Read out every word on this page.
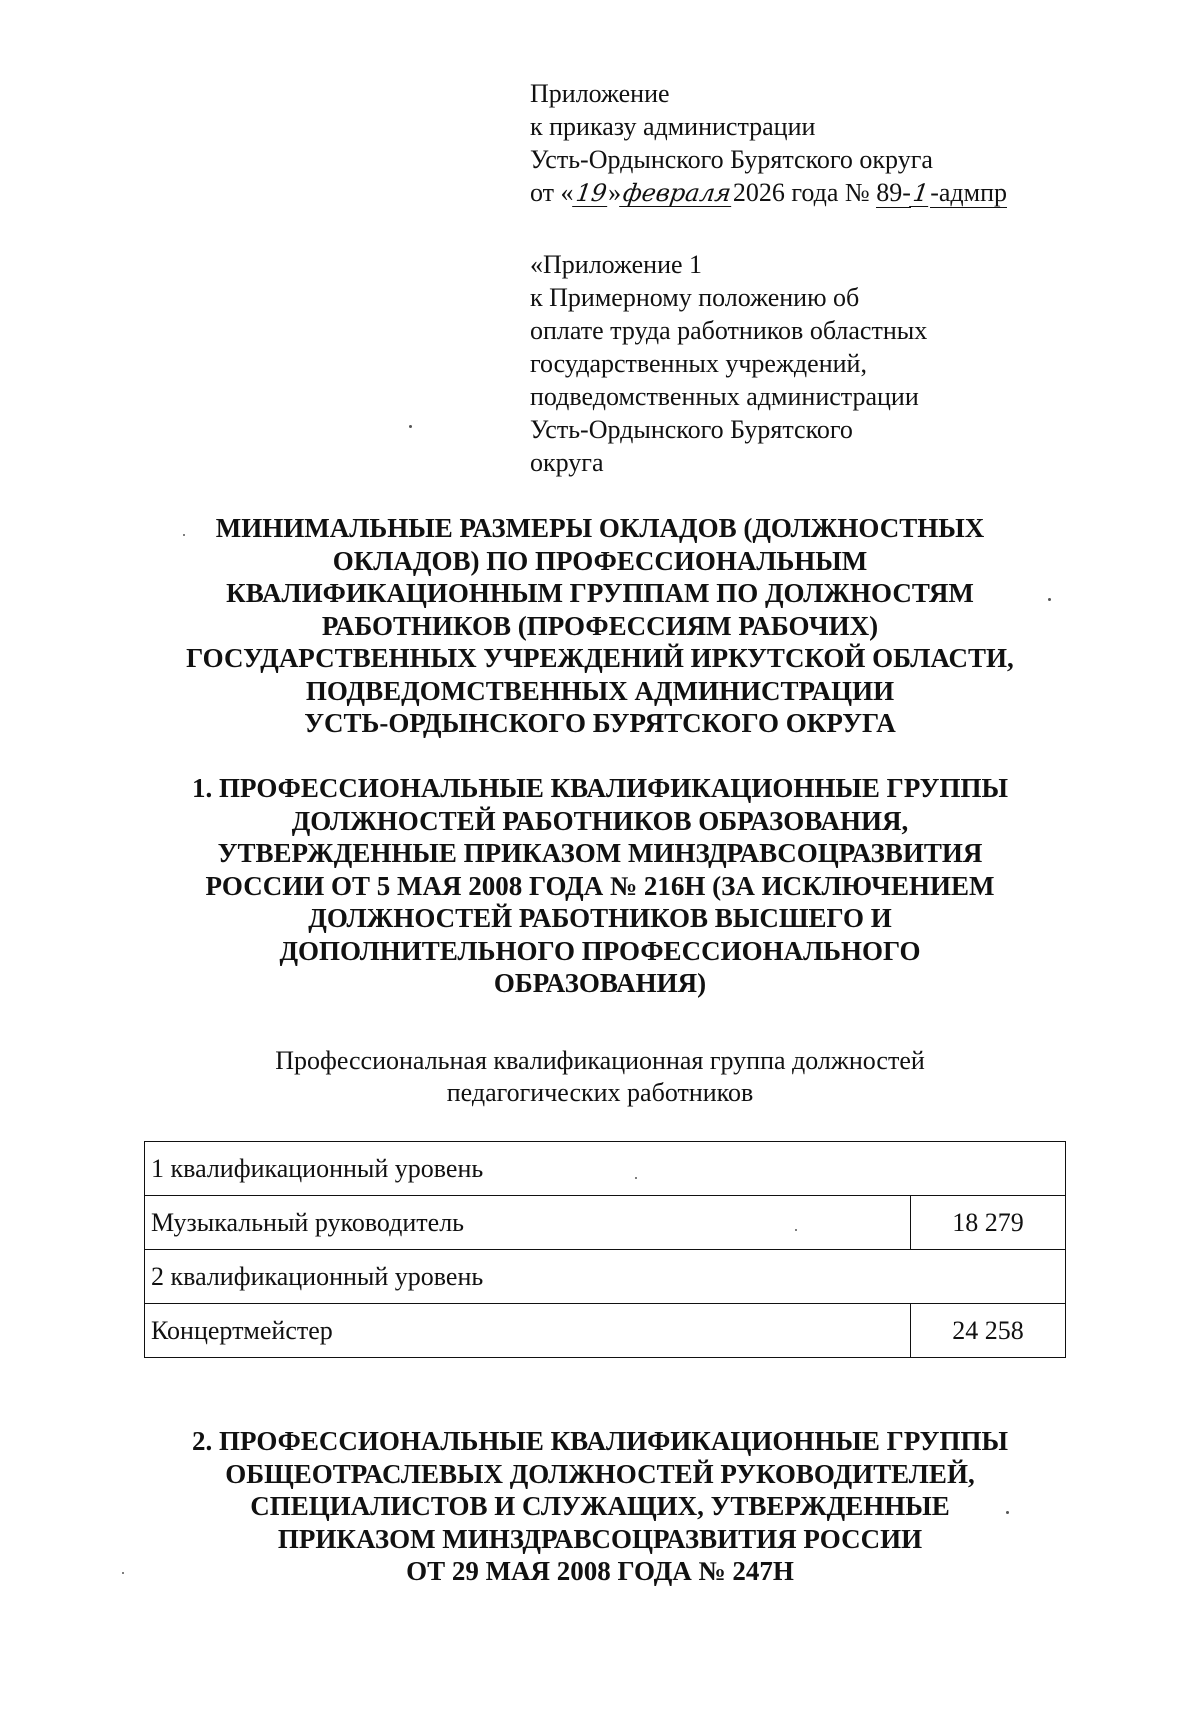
Приложение
к приказу администрации
Усть-Ордынского Бурятского округа
от «19»февраля2026 года № 89-1-адмпр
«Приложение 1
к Примерному положению об
оплате труда работников областных
государственных учреждений,
подведомственных администрации
Усть-Ордынского Бурятского
округа
МИНИМАЛЬНЫЕ РАЗМЕРЫ ОКЛАДОВ (ДОЛЖНОСТНЫХ
ОКЛАДОВ) ПО ПРОФЕССИОНАЛЬНЫМ
КВАЛИФИКАЦИОННЫМ ГРУППАМ ПО ДОЛЖНОСТЯМ
РАБОТНИКОВ (ПРОФЕССИЯМ РАБОЧИХ)
ГОСУДАРСТВЕННЫХ УЧРЕЖДЕНИЙ ИРКУТСКОЙ ОБЛАСТИ,
ПОДВЕДОМСТВЕННЫХ АДМИНИСТРАЦИИ
УСТЬ-ОРДЫНСКОГО БУРЯТСКОГО ОКРУГА
1. ПРОФЕССИОНАЛЬНЫЕ КВАЛИФИКАЦИОННЫЕ ГРУППЫ
ДОЛЖНОСТЕЙ РАБОТНИКОВ ОБРАЗОВАНИЯ,
УТВЕРЖДЕННЫЕ ПРИКАЗОМ МИНЗДРАВСОЦРАЗВИТИЯ
РОССИИ ОТ 5 МАЯ 2008 ГОДА № 216Н (ЗА ИСКЛЮЧЕНИЕМ
ДОЛЖНОСТЕЙ РАБОТНИКОВ ВЫСШЕГО И
ДОПОЛНИТЕЛЬНОГО ПРОФЕССИОНАЛЬНОГО
ОБРАЗОВАНИЯ)
Профессиональная квалификационная группа должностей
педагогических работников
1 квалификационный уровень	
Музыкальный руководитель	18 279
2 квалификационный уровень	
Концертмейстер	24 258
2. ПРОФЕССИОНАЛЬНЫЕ КВАЛИФИКАЦИОННЫЕ ГРУППЫ
ОБЩЕОТРАСЛЕВЫХ ДОЛЖНОСТЕЙ РУКОВОДИТЕЛЕЙ,
СПЕЦИАЛИСТОВ И СЛУЖАЩИХ, УТВЕРЖДЕННЫЕ
ПРИКАЗОМ МИНЗДРАВСОЦРАЗВИТИЯ РОССИИ
ОТ 29 МАЯ 2008 ГОДА № 247Н
